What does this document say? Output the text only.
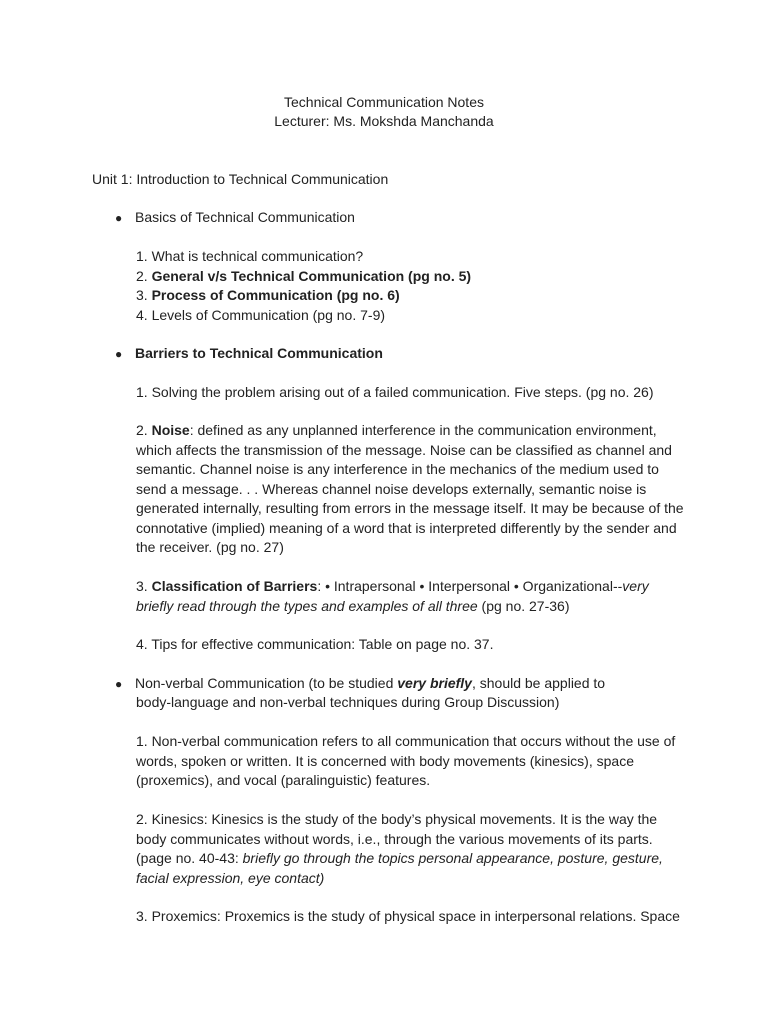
Technical Communication Notes
Lecturer: Ms. Mokshda Manchanda
Unit 1: Introduction to Technical Communication
● Basics of Technical Communication

1. What is technical communication?

2. General v/s Technical Communication (pg no. 5)

3. Process of Communication (pg no. 6)

4. Levels of Communication (pg no. 7-9)

● Barriers to Technical Communication

1. Solving the problem arising out of a failed communication. Five steps. (pg no. 26)

2. Noise: defined as any unplanned interference in the communication environment,

which affects the transmission of the message. Noise can be classified as channel and

semantic. Channel noise is any interference in the mechanics of the medium used to

send a message. . . Whereas channel noise develops externally, semantic noise is

generated internally, resulting from errors in the message itself. It may be because of the

connotative (implied) meaning of a word that is interpreted differently by the sender and

the receiver. (pg no. 27)

3. Classification of Barriers: • Intrapersonal • Interpersonal • Organizational--very

briefly read through the types and examples of all three (pg no. 27-36)

4. Tips for effective communication: Table on page no. 37.

● Non-verbal Communication (to be studied very briefly, should be applied to

body-language and non-verbal techniques during Group Discussion)

1. Non-verbal communication refers to all communication that occurs without the use of

words, spoken or written. It is concerned with body movements (kinesics), space

(proxemics), and vocal (paralinguistic) features.

2. Kinesics: Kinesics is the study of the body’s physical movements. It is the way the

body communicates without words, i.e., through the various movements of its parts.

(page no. 40-43: briefly go through the topics personal appearance, posture, gesture,

facial expression, eye contact)

3. Proxemics: Proxemics is the study of physical space in interpersonal relations. Space
